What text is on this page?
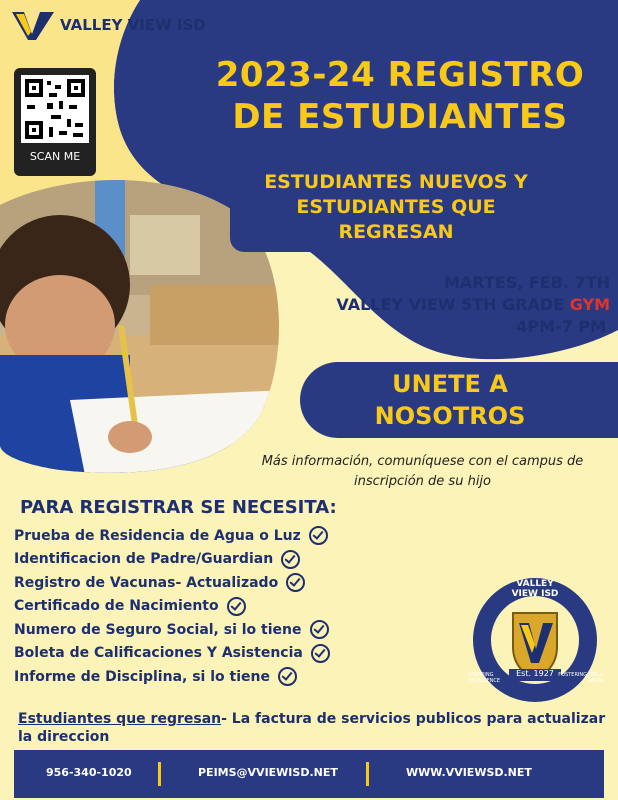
VALLEY VIEW ISD
SCAN ME
2023-24 REGISTRO
DE ESTUDIANTES
ESTUDIANTES NUEVOS Y
ESTUDIANTES QUE
REGRESAN
MARTES, FEB. 7TH
VALLEY VIEW 5TH GRADE GYM
4PM-7 PM
UNETE A
NOSOTROS
Más información, comuníquese con el campus de
inscripción de su hijo
PARA REGISTRAR SE NECESITA:
Prueba de Residencia de Agua o Luz
Identificacion de Padre/Guardian
Registro de Vacunas- Actualizado
Certificado de Nacimiento
Numero de Seguro Social, si lo tiene
Boleta de Calificaciones Y Asistencia
Informe de Disciplina, si lo tiene
VALLEY VIEW ISD
Est. 1927
INSPIRING EXCELLENCE
FOSTERING WELL-BEING
Estudiantes que regresan- La factura de servicios publicos para actualizar la direccion
956-340-1020	PEIMS@VVIEWISD.NET	WWW.VVIEWSD.NET
